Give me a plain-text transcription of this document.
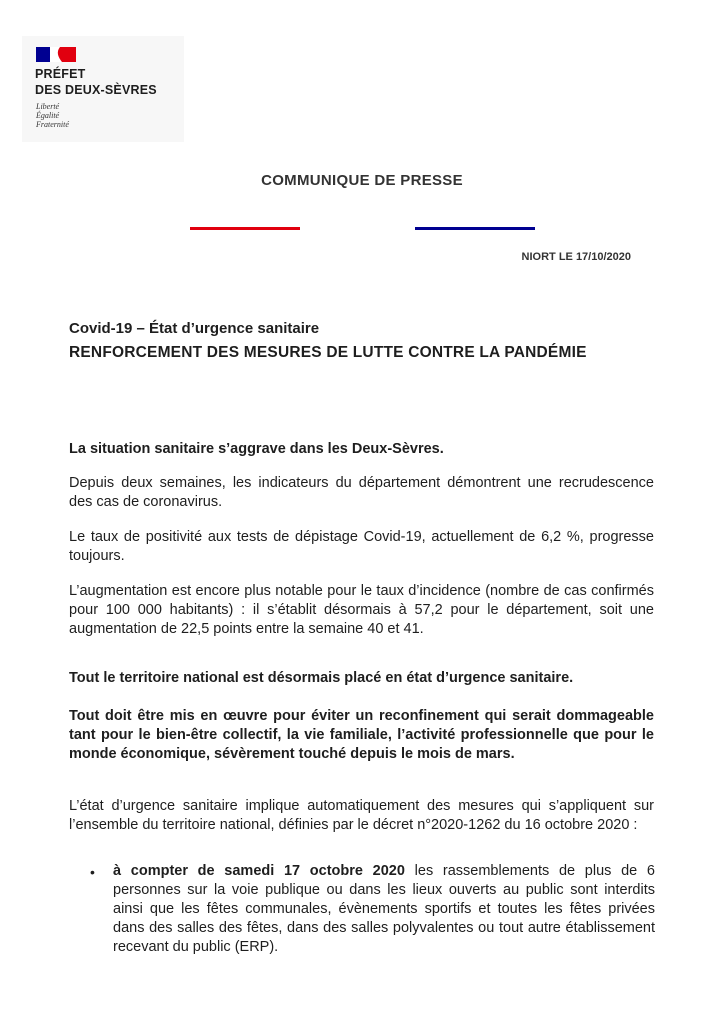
PRÉFET
DES DEUX-SÈVRES
Liberté
Égalité
Fraternité
COMMUNIQUE DE PRESSE
NIORT LE 17/10/2020
Covid-19 – État d’urgence sanitaire
RENFORCEMENT DES MESURES DE LUTTE CONTRE LA PANDÉMIE
La situation sanitaire s’aggrave dans les Deux-Sèvres.
Depuis deux semaines, les indicateurs du département démontrent une recrudescence des cas de coronavirus.
Le taux de positivité aux tests de dépistage Covid-19, actuellement de 6,2 %, progresse toujours.
L’augmentation est encore plus notable pour le taux d’incidence (nombre de cas confirmés pour 100 000 habitants) : il s’établit désormais à 57,2 pour le département, soit une augmentation de 22,5 points entre la semaine 40 et 41.
Tout le territoire national est désormais placé en état d’urgence sanitaire.
Tout doit être mis en œuvre pour éviter un reconfinement qui serait dommageable tant pour le bien-être collectif, la vie familiale, l’activité professionnelle que pour le monde économique, sévèrement touché depuis le mois de mars.
L’état d’urgence sanitaire implique automatiquement des mesures qui s’appliquent sur l’ensemble du territoire national, définies par le décret n°2020-1262 du 16 octobre 2020 :
• à compter de samedi 17 octobre 2020 les rassemblements de plus de 6 personnes sur la voie publique ou dans les lieux ouverts au public sont interdits ainsi que les fêtes communales, évènements sportifs et toutes les fêtes privées dans des salles des fêtes, dans des salles polyvalentes ou tout autre établissement recevant du public (ERP).
